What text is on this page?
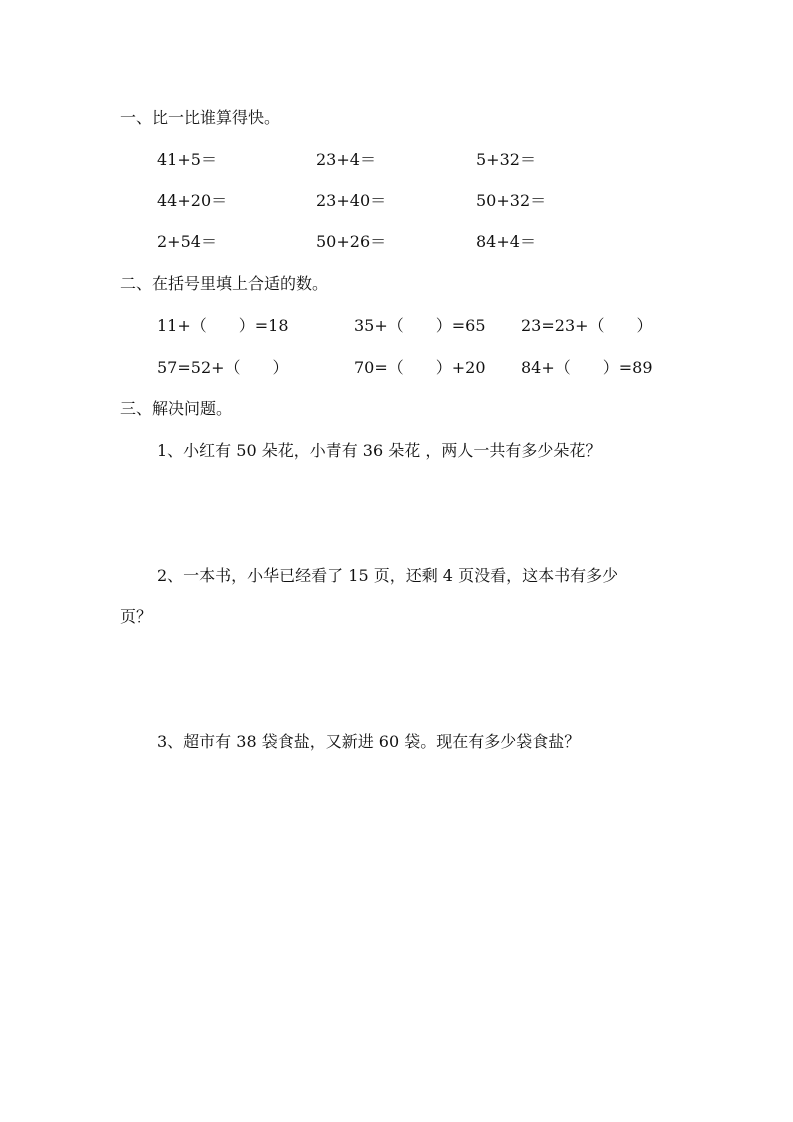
一、比一比谁算得快。
41+5＝	23+4＝	5+32＝
44+20＝	23+40＝	50+32＝
2+54＝	50+26＝	84+4＝
二、在括号里填上合适的数。
11+（　　）=18	35+（　　）=65 23=23+（　　）
57=52+（　　）	70=（　　）+20 84+（　　）=89
三、解决问题。
1、小红有 50 朵花，小青有 36 朵花 ，两人一共有多少朵花？
2、一本书，小华已经看了 15 页，还剩 4 页没看，这本书有多少
页？
3、超市有 38 袋食盐，又新进 60 袋。现在有多少袋食盐？
